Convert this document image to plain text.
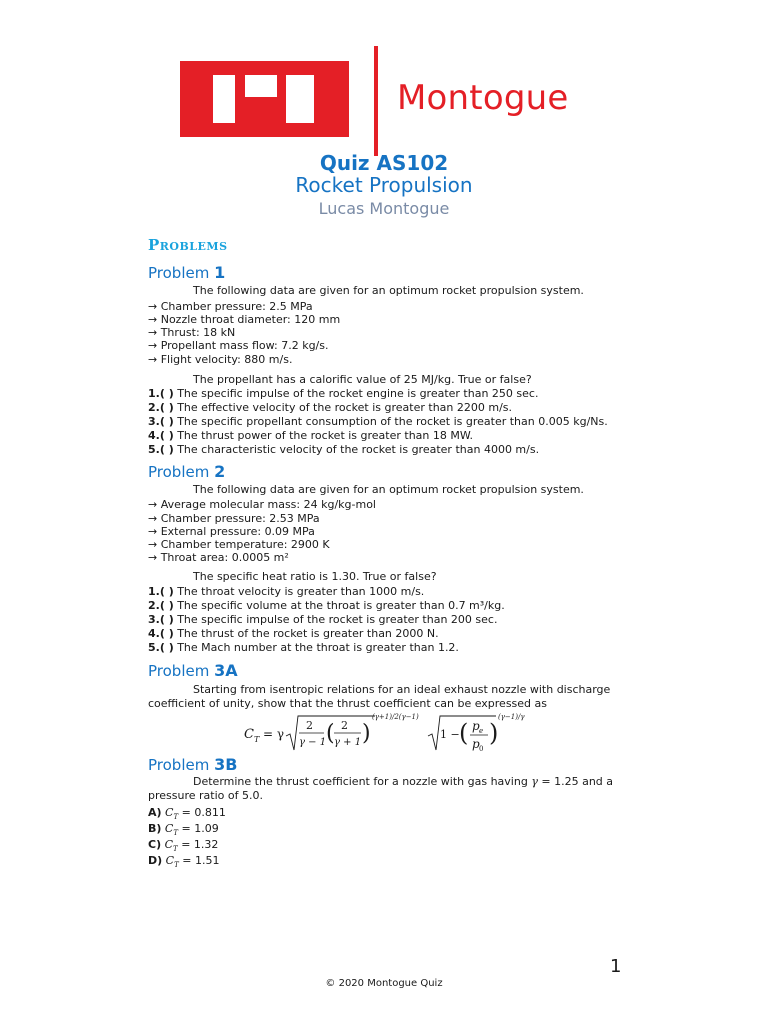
Montogue
Quiz AS102
Rocket Propulsion
Lucas Montogue
Problems
Problem 1
The following data are given for an optimum rocket propulsion system.
→ Chamber pressure: 2.5 MPa
→ Nozzle throat diameter: 120 mm
→ Thrust: 18 kN
→ Propellant mass flow: 7.2 kg/s.
→ Flight velocity: 880 m/s.
The propellant has a calorific value of 25 MJ/kg. True or false?
1.( ) The specific impulse of the rocket engine is greater than 250 sec.
2.( ) The effective velocity of the rocket is greater than 2200 m/s.
3.( ) The specific propellant consumption of the rocket is greater than 0.005 kg/Ns.
4.( ) The thrust power of the rocket is greater than 18 MW.
5.( ) The characteristic velocity of the rocket is greater than 4000 m/s.
Problem 2
The following data are given for an optimum rocket propulsion system.
→ Average molecular mass: 24 kg/kg-mol
→ Chamber pressure: 2.53 MPa
→ External pressure: 0.09 MPa
→ Chamber temperature: 2900 K
→ Throat area: 0.0005 m²
The specific heat ratio is 1.30. True or false?
1.( ) The throat velocity is greater than 1000 m/s.
2.( ) The specific volume at the throat is greater than 0.7 m³/kg.
3.( ) The specific impulse of the rocket is greater than 200 sec.
4.( ) The thrust of the rocket is greater than 2000 N.
5.( ) The Mach number at the throat is greater than 1.2.
Problem 3A
Starting from isentropic relations for an ideal exhaust nozzle with discharge
coefficient of unity, show that the thrust coefficient can be expressed as
C T = γ
2
γ − 1 ( 2
γ + 1 )
(γ+1)/2(γ−1)
1 − ( p e
p 0
)
(γ−1)/γ
Problem 3B
Determine the thrust coefficient for a nozzle with gas having γ = 1.25 and a
pressure ratio of 5.0.
A) $C_T = 0.811$
B) $C_T = 1.09$
C) $C_T = 1.32$
D) $C_T = 1.51$
1
© 2020 Montogue Quiz
